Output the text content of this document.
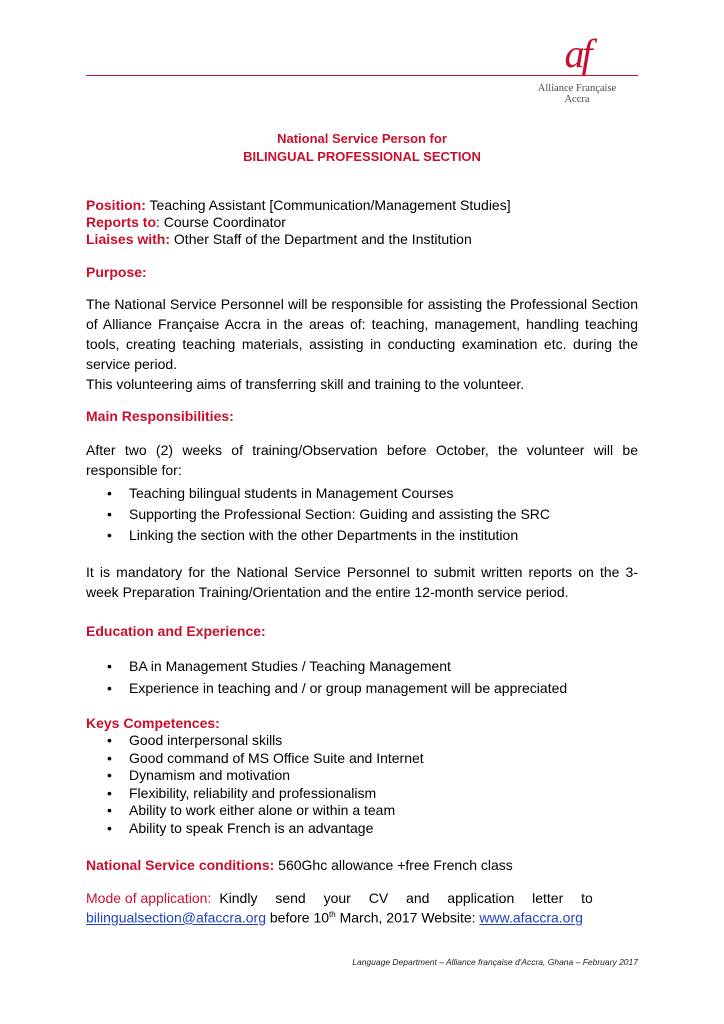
af
Alliance Française
Accra
National Service Person for
BILINGUAL PROFESSIONAL SECTION
Position: Teaching Assistant [Communication/Management Studies]
Reports to: Course Coordinator
Liaises with: Other Staff of the Department and the Institution
Purpose:
The National Service Personnel will be responsible for assisting the Professional Section of Alliance Française Accra in the areas of: teaching, management, handling teaching tools, creating teaching materials, assisting in conducting examination etc. during the service period.
This volunteering aims of transferring skill and training to the volunteer.
Main Responsibilities:
After two (2) weeks of training/Observation before October, the volunteer will be responsible for:
• Teaching bilingual students in Management Courses
• Supporting the Professional Section: Guiding and assisting the SRC
• Linking the section with the other Departments in the institution
It is mandatory for the National Service Personnel to submit written reports on the 3-week Preparation Training/Orientation and the entire 12-month service period.
Education and Experience:
• BA in Management Studies / Teaching Management
• Experience in teaching and / or group management will be appreciated
Keys Competences:
• Good interpersonal skills
• Good command of MS Office Suite and Internet
• Dynamism and motivation
• Flexibility, reliability and professionalism
• Ability to work either alone or within a team
• Ability to speak French is an advantage
National Service conditions: 560Ghc allowance +free French class
Mode of application: Kindly send your CV and application letter to
bilingualsection@afaccra.org before 10th March, 2017 Website: www.afaccra.org
Language Department – Alliance française d'Accra, Ghana – February 2017
